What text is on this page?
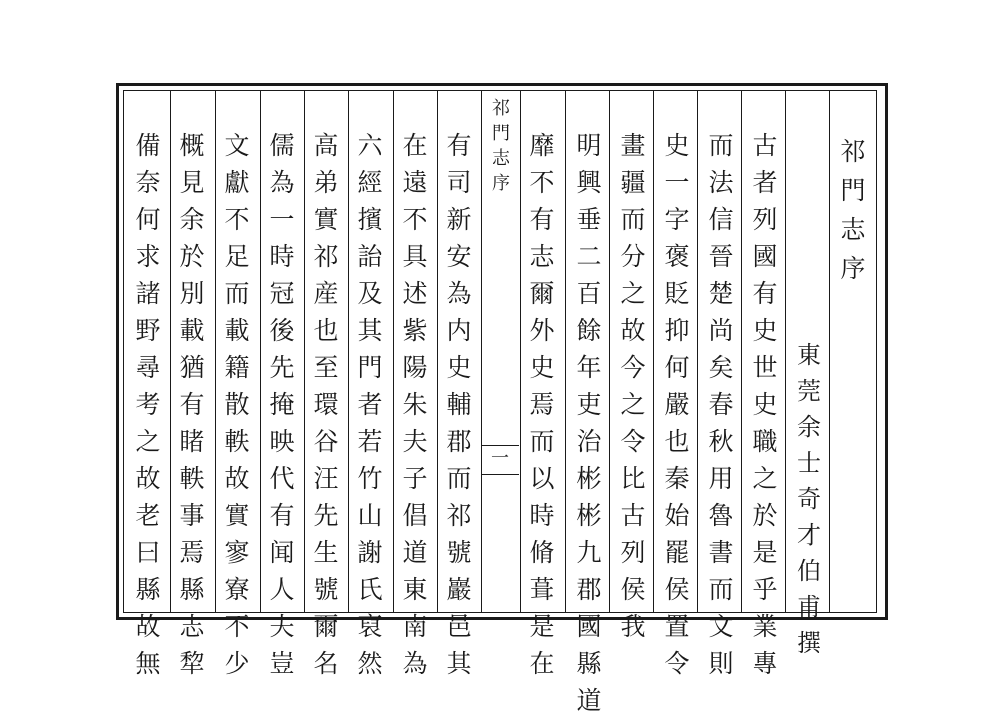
祁
門
志
序
東
莞
余
士
奇
才
伯
甫
撰
古
者
列
國
有
史
世
史
職
之
於
是
乎
業
專
而
法
信
晉
楚
尚
矣
春
秋
用
魯
書
而
文
則
史
一
字
褒
貶
抑
何
嚴
也
秦
始
罷
侯
置
令
畫
疆
而
分
之
故
今
之
令
比
古
列
侯
我
明
興
垂
二
百
餘
年
吏
治
彬
彬
九
郡
國
縣
道
靡
不
有
志
爾
外
史
焉
而
以
時
脩
葺
是
在
祁
門
志
序
一
有
司
新
安
為
内
史
輔
郡
而
祁
號
巖
邑
其
在
遠
不
具
述
紫
陽
朱
夫
子
倡
道
東
南
為
六
經
擯
詒
及
其
門
者
若
竹
山
謝
氏
裒
然
高
弟
實
祁
産
也
至
環
谷
汪
先
生
號
爾
名
儒
為
一
時
冠
後
先
掩
映
代
有
闻
人
夫
豈
文
獻
不
足
而
載
籍
散
軼
故
實
寥
寮
不
少
概
見
余
於
別
載
猶
有
睹
軼
事
焉
縣
志
犂
備
奈
何
求
諸
野
尋
考
之
故
老
曰
縣
故
無
